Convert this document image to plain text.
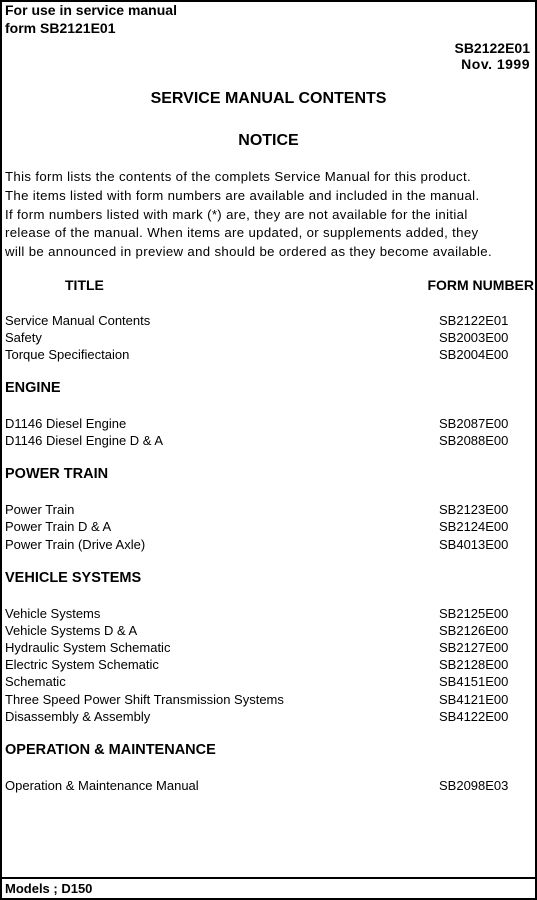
For use in service manual
form SB2121E01
SB2122E01
Nov. 1999
SERVICE MANUAL CONTENTS
NOTICE
This form lists the contents of the complets Service Manual for this product.
The items listed with form numbers are available and included in the manual.
If form numbers listed with mark (*) are, they are not available for the initial
release of the manual. When items are updated, or supplements added, they
will be announced in preview and should be ordered as they become available.
TITLE	FORM NUMBER
Service Manual Contents	SB2122E01
Safety	SB2003E00
Torque Specifiectaion	SB2004E00
ENGINE
D1146 Diesel Engine	SB2087E00
D1146 Diesel Engine D & A	SB2088E00
POWER TRAIN
Power Train	SB2123E00
Power Train D & A	SB2124E00
Power Train (Drive Axle)	SB4013E00
VEHICLE SYSTEMS
Vehicle Systems	SB2125E00
Vehicle Systems D & A	SB2126E00
Hydraulic System Schematic	SB2127E00
Electric System Schematic	SB2128E00
Schematic	SB4151E00
Three Speed Power Shift Transmission Systems	SB4121E00
Disassembly & Assembly	SB4122E00
OPERATION & MAINTENANCE
Operation & Maintenance Manual	SB2098E03
Models ; D150
